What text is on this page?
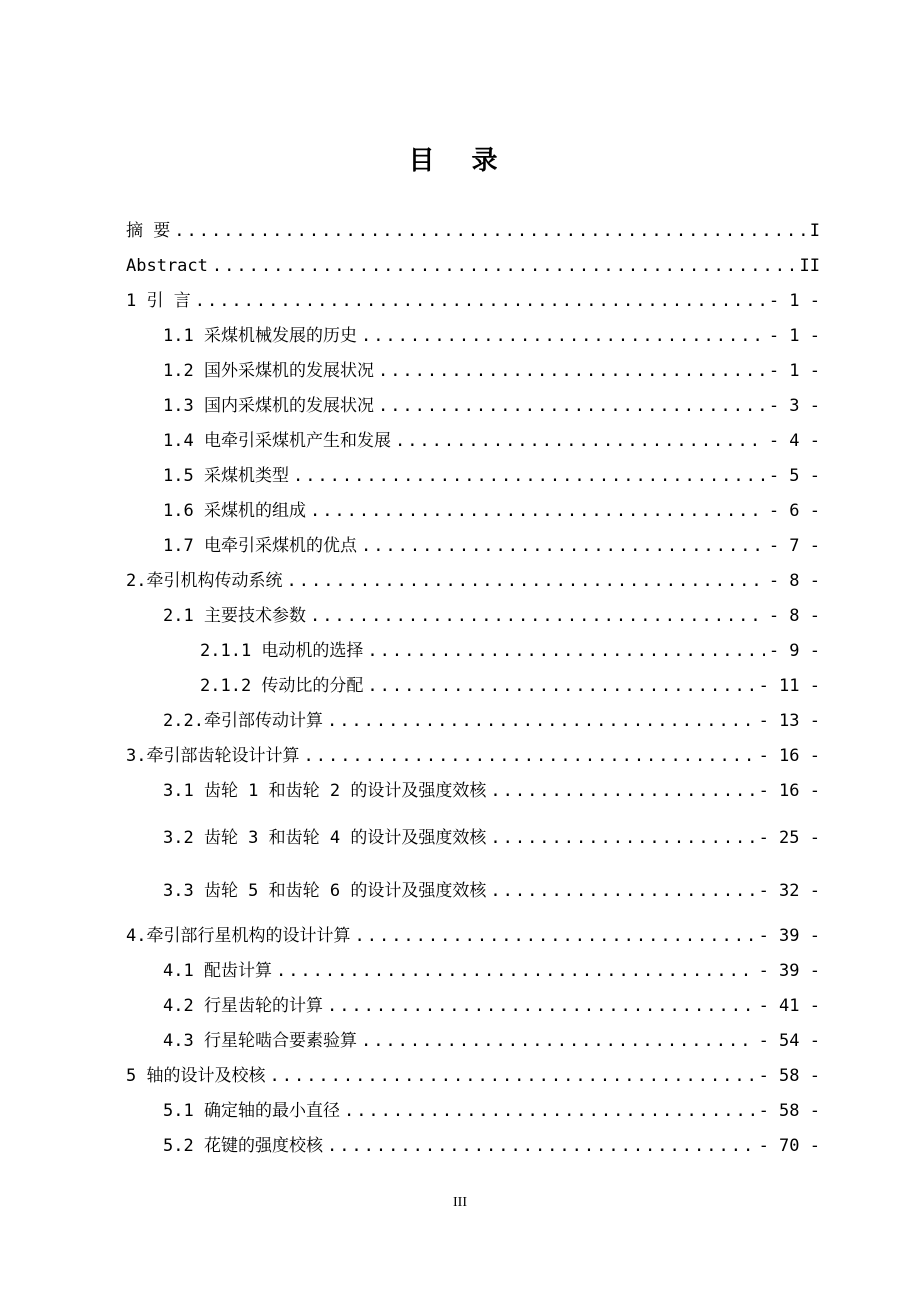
目 录
摘 要 .....	I
Abstract .....	II
1 引 言 .....	- 1 -
1.1 采煤机械发展的历史 .....	- 1 -
1.2 国外采煤机的发展状况 .....	- 1 -
1.3 国内采煤机的发展状况 .....	- 3 -
1.4 电牵引采煤机产生和发展 .....	- 4 -
1.5 采煤机类型 .....	- 5 -
1.6 采煤机的组成 .....	- 6 -
1.7 电牵引采煤机的优点 .....	- 7 -
2.牵引机构传动系统 .....	- 8 -
2.1 主要技术参数 .....	- 8 -
2.1.1 电动机的选择 .....	- 9 -
2.1.2 传动比的分配 .....	- 11 -
2.2.牵引部传动计算 .....	- 13 -
3.牵引部齿轮设计计算 .....	- 16 -
3.1 齿轮 1 和齿轮 2 的设计及强度效核 .....	- 16 -
3.2 齿轮 3 和齿轮 4 的设计及强度效核 .....	- 25 -
3.3 齿轮 5 和齿轮 6 的设计及强度效核 .....	- 32 -
4.牵引部行星机构的设计计算 .....	- 39 -
4.1 配齿计算 .....	- 39 -
4.2 行星齿轮的计算 .....	- 41 -
4.3 行星轮啮合要素验算 .....	- 54 -
5 轴的设计及校核 .....	- 58 -
5.1 确定轴的最小直径 .....	- 58 -
5.2 花键的强度校核 .....	- 70 -
III
